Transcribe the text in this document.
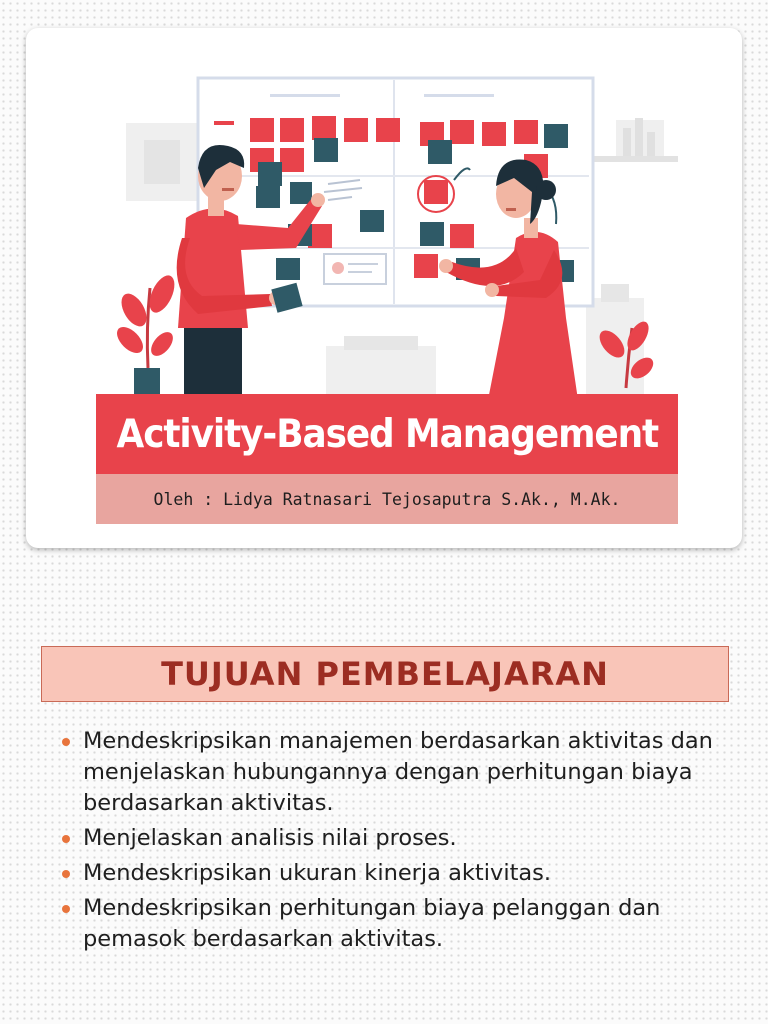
Activity-Based Management
Oleh : Lidya Ratnasari Tejosaputra S.Ak., M.Ak.
TUJUAN PEMBELAJARAN
Mendeskripsikan manajemen berdasarkan aktivitas dan menjelaskan hubungannya dengan perhitungan biaya berdasarkan aktivitas.
Menjelaskan analisis nilai proses.
Mendeskripsikan ukuran kinerja aktivitas.
Mendeskripsikan perhitungan biaya pelanggan dan pemasok berdasarkan aktivitas.
